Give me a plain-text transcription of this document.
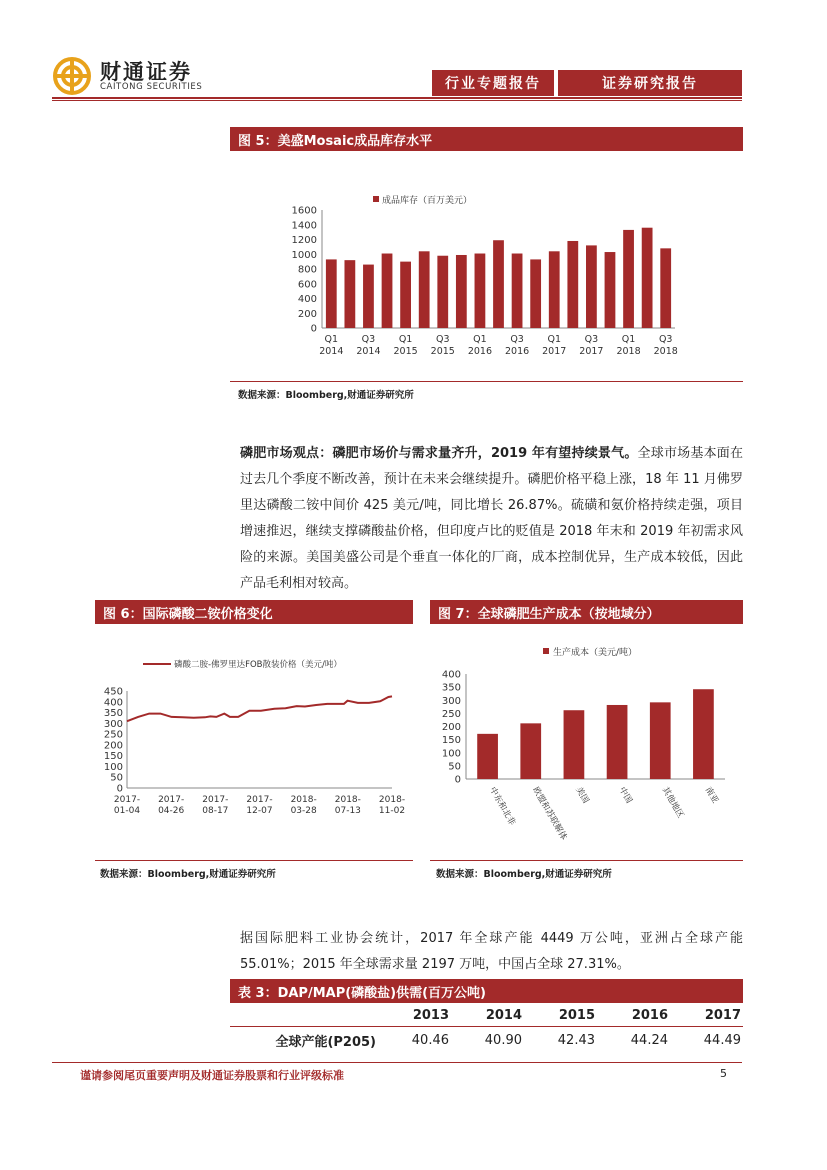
财通证券
CAITONG SECURITIES	行业专题报告	证券研究报告
图 5：美盛Mosaic成品库存水平
成品库存（百万美元）
0
200
400
600
800
1000
1200
1400
1600
Q1
2014
Q3
2014
Q1
2015
Q3
2015
Q1
2016
Q3
2016
Q1
2017
Q3
2017
Q1
2018
Q3
2018
数据来源：Bloomberg,财通证券研究所
磷肥市场观点：磷肥市场价与需求量齐升，2019 年有望持续景气。全球市场基本面在过去几个季度不断改善，预计在未来会继续提升。磷肥价格平稳上涨，18 年 11 月佛罗里达磷酸二铵中间价 425 美元/吨，同比增长 26.87%。硫磺和氨价格持续走强，项目增速推迟，继续支撑磷酸盐价格，但印度卢比的贬值是 2018 年末和 2019 年初需求风险的来源。美国美盛公司是个垂直一体化的厂商，成本控制优异，生产成本较低，因此产品毛利相对较高。
图 6：国际磷酸二铵价格变化
磷酸二胺-佛罗里达FOB散装价格（美元/吨）
0
50
100
150
200
250
300
350
400
450
2017-
01-04
2017-
04-26
2017-
08-17
2017-
12-07
2018-
03-28
2018-
07-13
2018-
11-02
数据来源：Bloomberg,财通证券研究所
图 7：全球磷肥生产成本（按地域分）
生产成本（美元/吨）
0
50
100
150
200
250
300
350
400
中东和北非 欧盟和苏联解体 美国	中国	其他地区 南亚
数据来源：Bloomberg,财通证券研究所
据国际肥料工业协会统计，2017 年全球产能 4449 万公吨，亚洲占全球产能 55.01%；2015 年全球需求量 2197 万吨，中国占全球 27.31%。
表 3：DAP/MAP(磷酸盐)供需(百万公吨)
2013	2014	2015	2016	2017
全球产能(P205)	40.46	40.90	42.43	44.24	44.49
谨请参阅尾页重要声明及财通证券股票和行业评级标准	5
